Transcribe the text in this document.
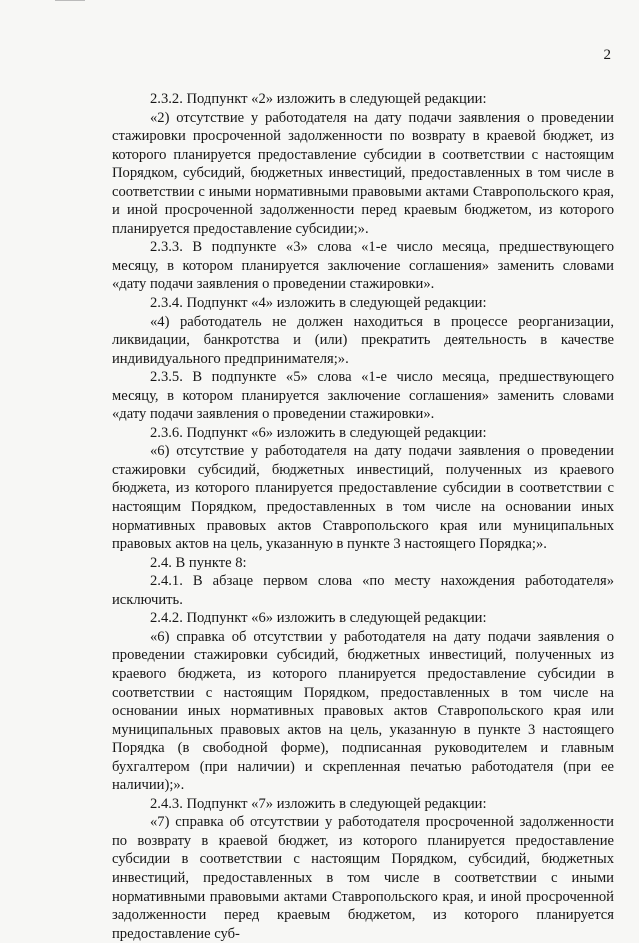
2

2.3.2. Подпункт «2» изложить в следующей редакции:

«2) отсутствие у работодателя на дату подачи заявления о проведении стажировки просроченной задолженности по возврату в краевой бюджет, из которого планируется предоставление субсидии в соответствии с настоящим Порядком, субсидий, бюджетных инвестиций, предоставленных в том числе в соответствии с иными нормативными правовыми актами Ставропольского края, и иной просроченной задолженности перед краевым бюджетом, из которого планируется предоставление субсидии;».

2.3.3. В подпункте «3» слова «1-е число месяца, предшествующего месяцу, в котором планируется заключение соглашения» заменить словами «дату подачи заявления о проведении стажировки».

2.3.4. Подпункт «4» изложить в следующей редакции:

«4) работодатель не должен находиться в процессе реорганизации, ликвидации, банкротства и (или) прекратить деятельность в качестве индивидуального предпринимателя;».

2.3.5. В подпункте «5» слова «1-е число месяца, предшествующего месяцу, в котором планируется заключение соглашения» заменить словами «дату подачи заявления о проведении стажировки».

2.3.6. Подпункт «6» изложить в следующей редакции:

«6) отсутствие у работодателя на дату подачи заявления о проведении стажировки субсидий, бюджетных инвестиций, полученных из краевого бюджета, из которого планируется предоставление субсидии в соответствии с настоящим Порядком, предоставленных в том числе на основании иных нормативных правовых актов Ставропольского края или муниципальных правовых актов на цель, указанную в пункте 3 настоящего Порядка;».

2.4. В пункте 8:

2.4.1. В абзаце первом слова «по месту нахождения работодателя» исключить.

2.4.2. Подпункт «6» изложить в следующей редакции:

«6) справка об отсутствии у работодателя на дату подачи заявления о проведении стажировки субсидий, бюджетных инвестиций, полученных из краевого бюджета, из которого планируется предоставление субсидии в соответствии с настоящим Порядком, предоставленных в том числе на основании иных нормативных правовых актов Ставропольского края или муниципальных правовых актов на цель, указанную в пункте 3 настоящего Порядка (в свободной форме), подписанная руководителем и главным бухгалтером (при наличии) и скрепленная печатью работодателя (при ее наличии);».

2.4.3. Подпункт «7» изложить в следующей редакции:

«7) справка об отсутствии у работодателя просроченной задолженности по возврату в краевой бюджет, из которого планируется предоставление субсидии в соответствии с настоящим Порядком, субсидий, бюджетных инвестиций, предоставленных в том числе в соответствии с иными нормативными правовыми актами Ставропольского края, и иной просроченной задолженности перед краевым бюджетом, из которого планируется предоставление суб-
